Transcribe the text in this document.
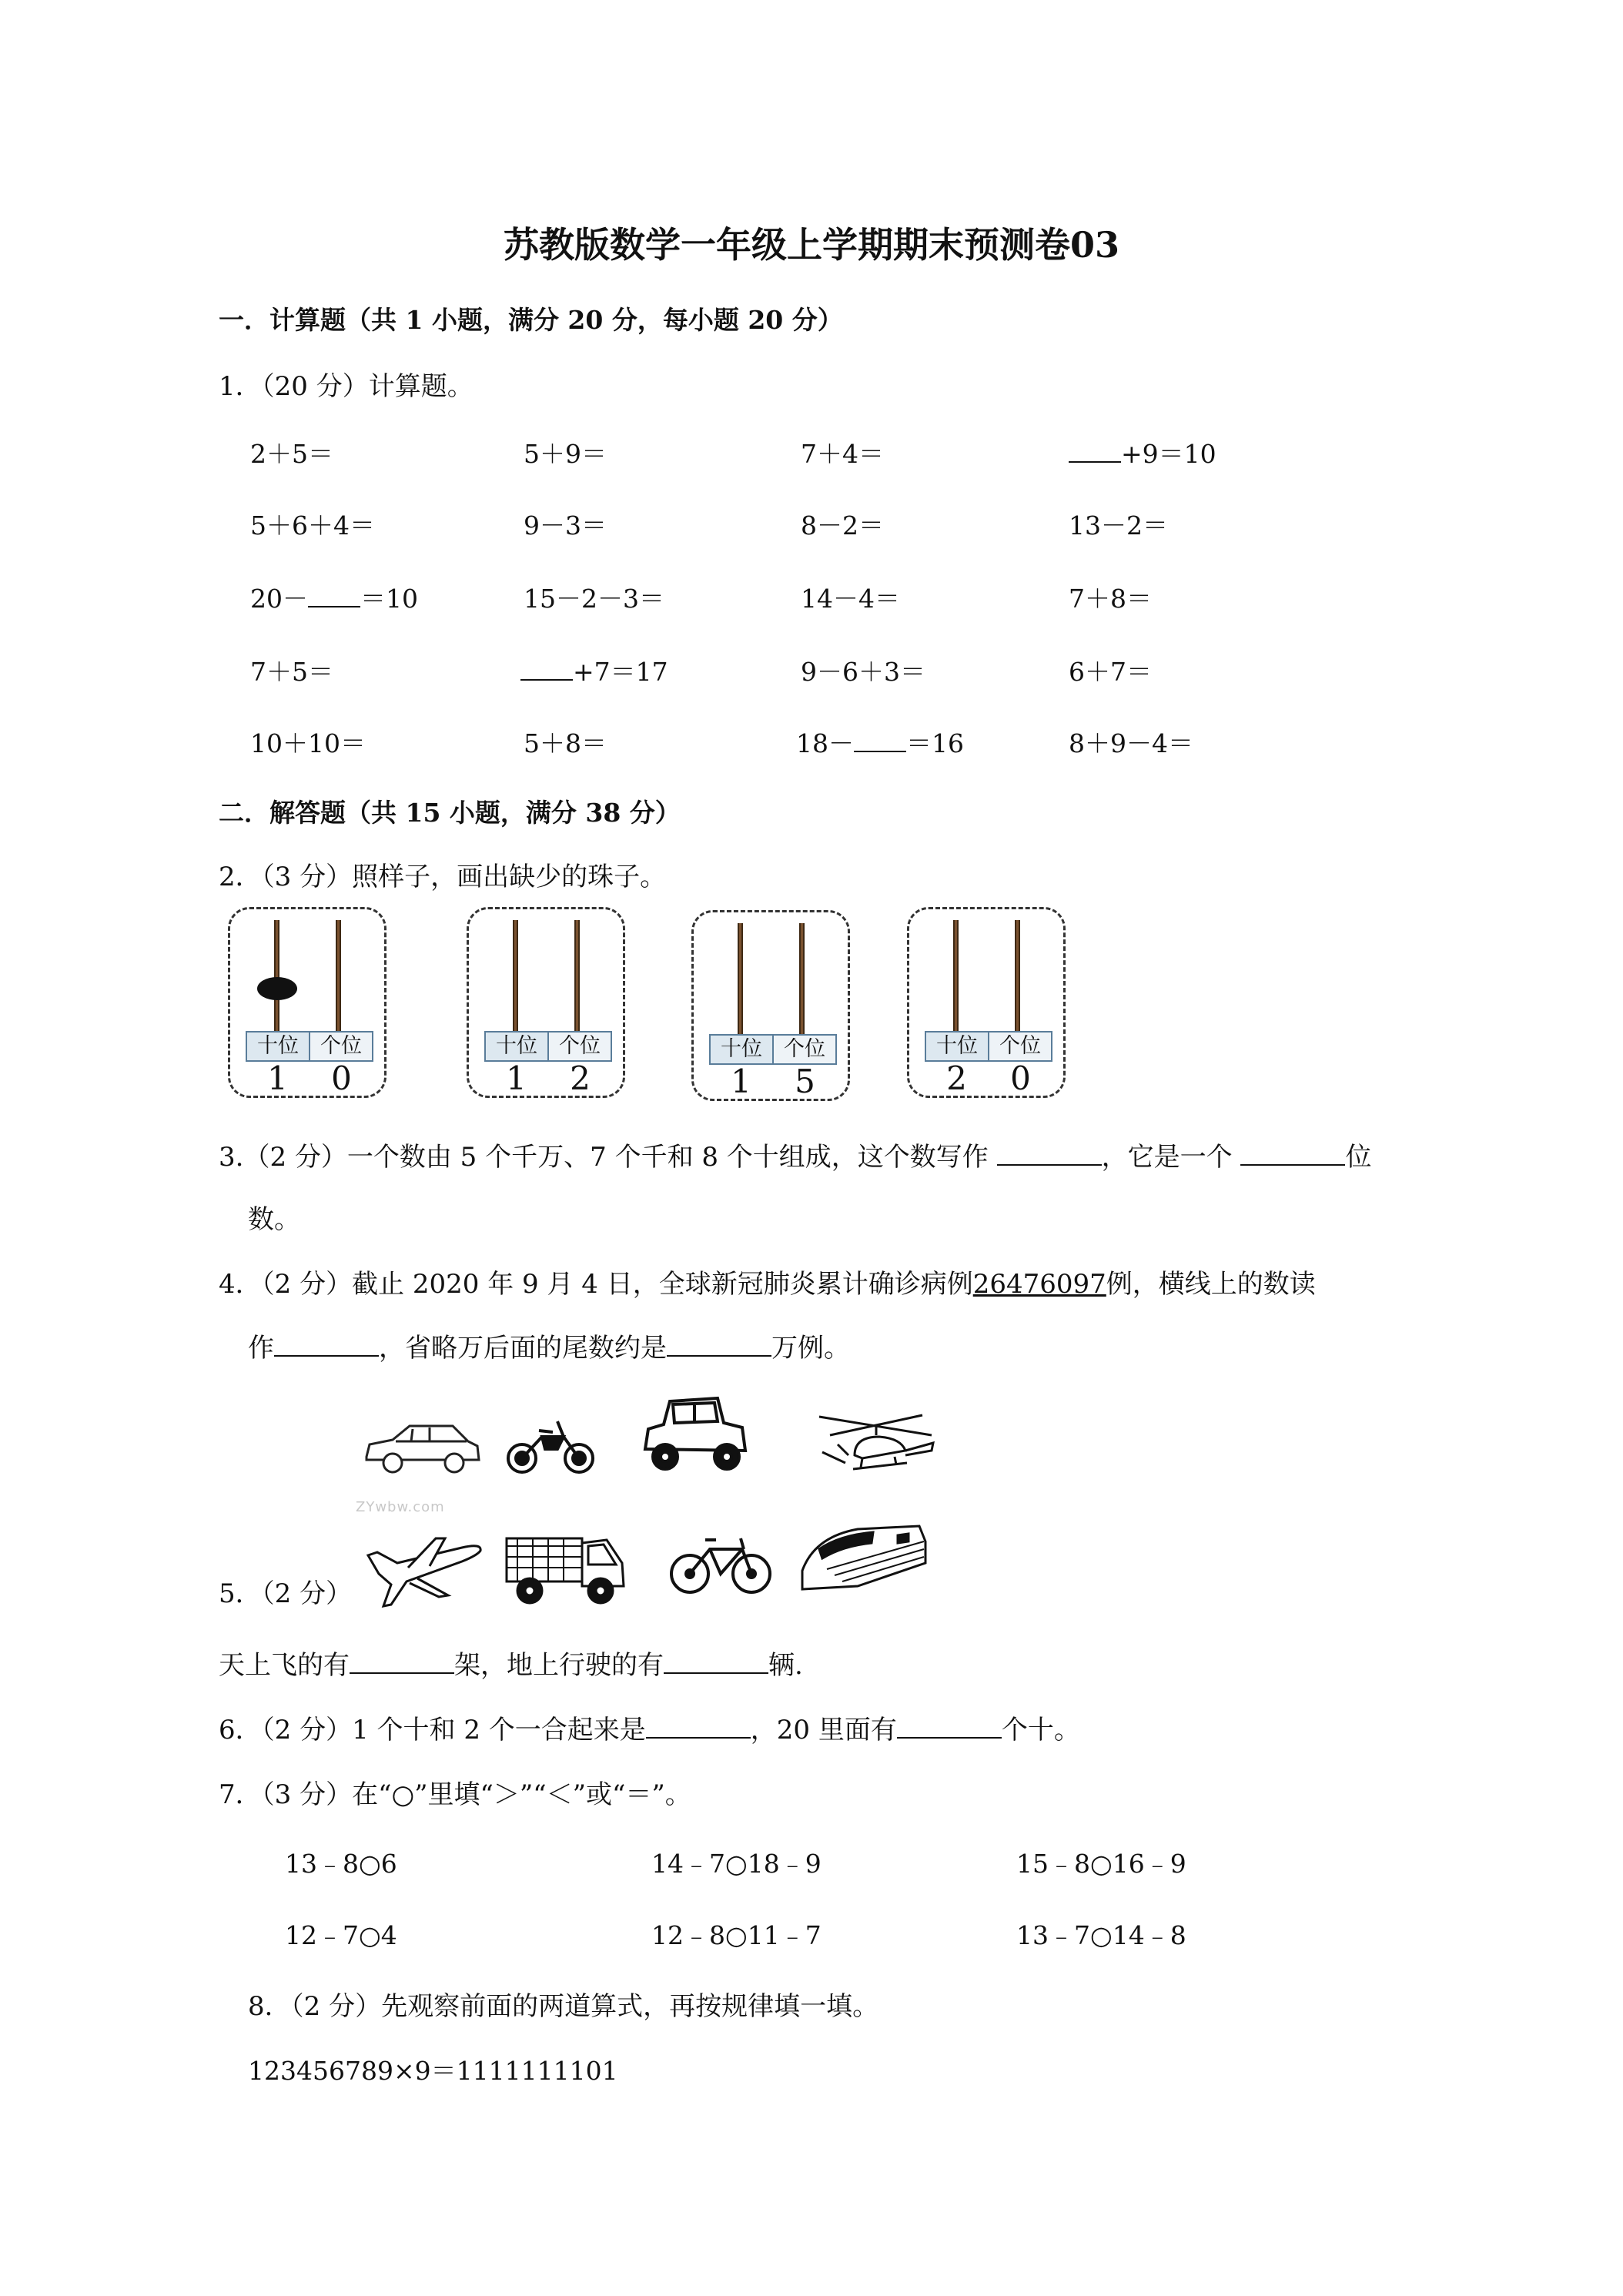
苏教版数学一年级上学期期末预测卷03
一．计算题（共 1 小题，满分 20 分，每小题 20 分）
1．（20 分）计算题。
2＋5＝	5＋9＝	7＋4＝	+9＝10
5＋6＋4＝	9－3＝	8－2＝	13－2＝
20－ ＝10	15－2－3＝	14－4＝	7＋8＝
7＋5＝	+7＝17	9－6＋3＝	6＋7＝
10＋10＝	5＋8＝	18－ ＝16	8＋9－4＝
二．解答题（共 15 小题，满分 38 分）
2．（3 分）照样子，画出缺少的珠子。
十位	个位
1	0
十位	个位
1	2
十位	个位
1	5
十位	个位
2	0
3.（2 分）一个数由 5 个千万、7 个千和 8 个十组成，这个数写作	，它是一个	位
数。
4．（2 分）截止 2020 年 9 月 4 日，全球新冠肺炎累计确诊病例26476097例，横线上的数读
作	，省略万后面的尾数约是	万例。
ZYwbw.com
5．（2 分）
天上飞的有	架，地上行驶的有	辆.
6．（2 分）1 个十和 2 个一合起来是	，20 里面有	个十。
7．（3 分）在“○”里填“＞”“＜”或“＝”。
13﹣8○6	14﹣7○18﹣9	15﹣8○16﹣9
12﹣7○4	12﹣8○11﹣7	13﹣7○14﹣8
8．（2 分）先观察前面的两道算式，再按规律填一填。
123456789×9＝1111111101
